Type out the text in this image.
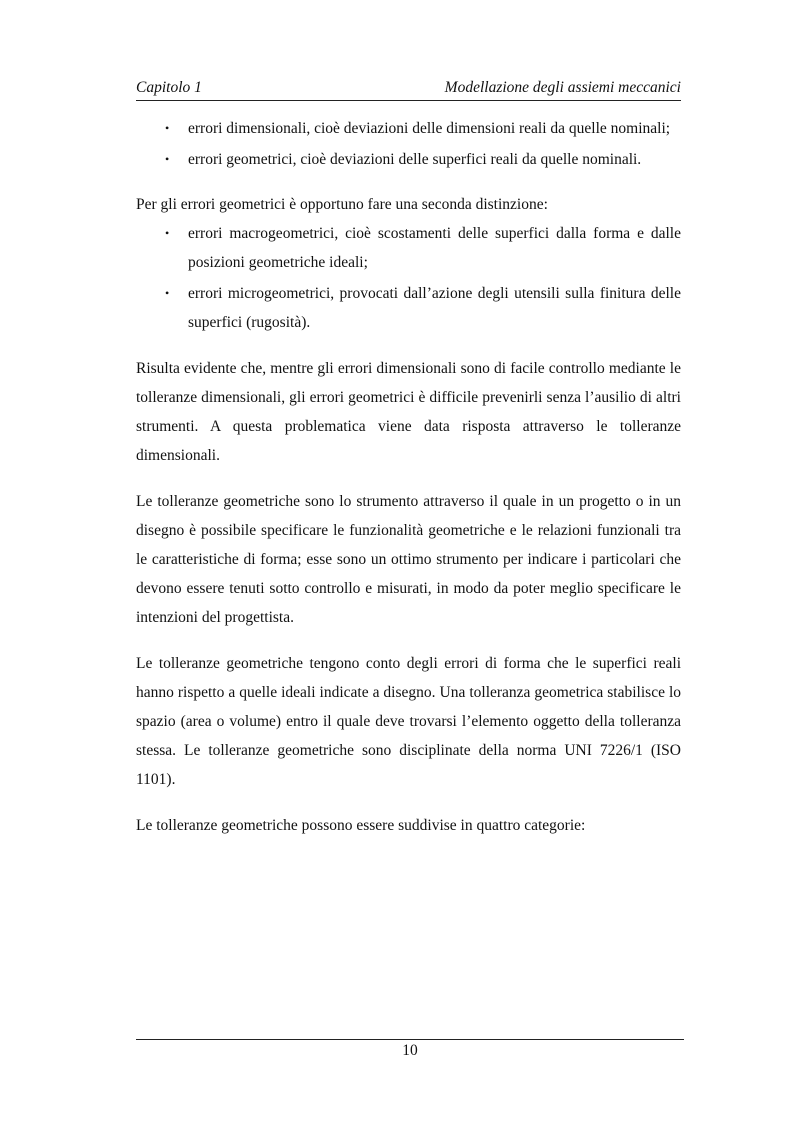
Capitolo 1	Modellazione degli assiemi meccanici
• errori dimensionali, cioè deviazioni delle dimensioni reali da quelle nominali;
• errori geometrici, cioè deviazioni delle superfici reali da quelle nominali.

Per gli errori geometrici è opportuno fare una seconda distinzione:

• errori macrogeometrici, cioè scostamenti delle superfici dalla forma e dalle posizioni geometriche ideali;
• errori microgeometrici, provocati dall’azione degli utensili sulla finitura delle superfici (rugosità).

Risulta evidente che, mentre gli errori dimensionali sono di facile controllo mediante le tolleranze dimensionali, gli errori geometrici è difficile prevenirli senza l’ausilio di altri strumenti. A questa problematica viene data risposta attraverso le tolleranze dimensionali.

Le tolleranze geometriche sono lo strumento attraverso il quale in un progetto o in un disegno è possibile specificare le funzionalità geometriche e le relazioni funzionali tra le caratteristiche di forma; esse sono un ottimo strumento per indicare i particolari che devono essere tenuti sotto controllo e misurati, in modo da poter meglio specificare le intenzioni del progettista.

Le tolleranze geometriche tengono conto degli errori di forma che le superfici reali hanno rispetto a quelle ideali indicate a disegno. Una tolleranza geometrica stabilisce lo spazio (area o volume) entro il quale deve trovarsi l’elemento oggetto della tolleranza stessa. Le tolleranze geometriche sono disciplinate della norma UNI 7226/1 (ISO 1101).

Le tolleranze geometriche possono essere suddivise in quattro categorie:

10
